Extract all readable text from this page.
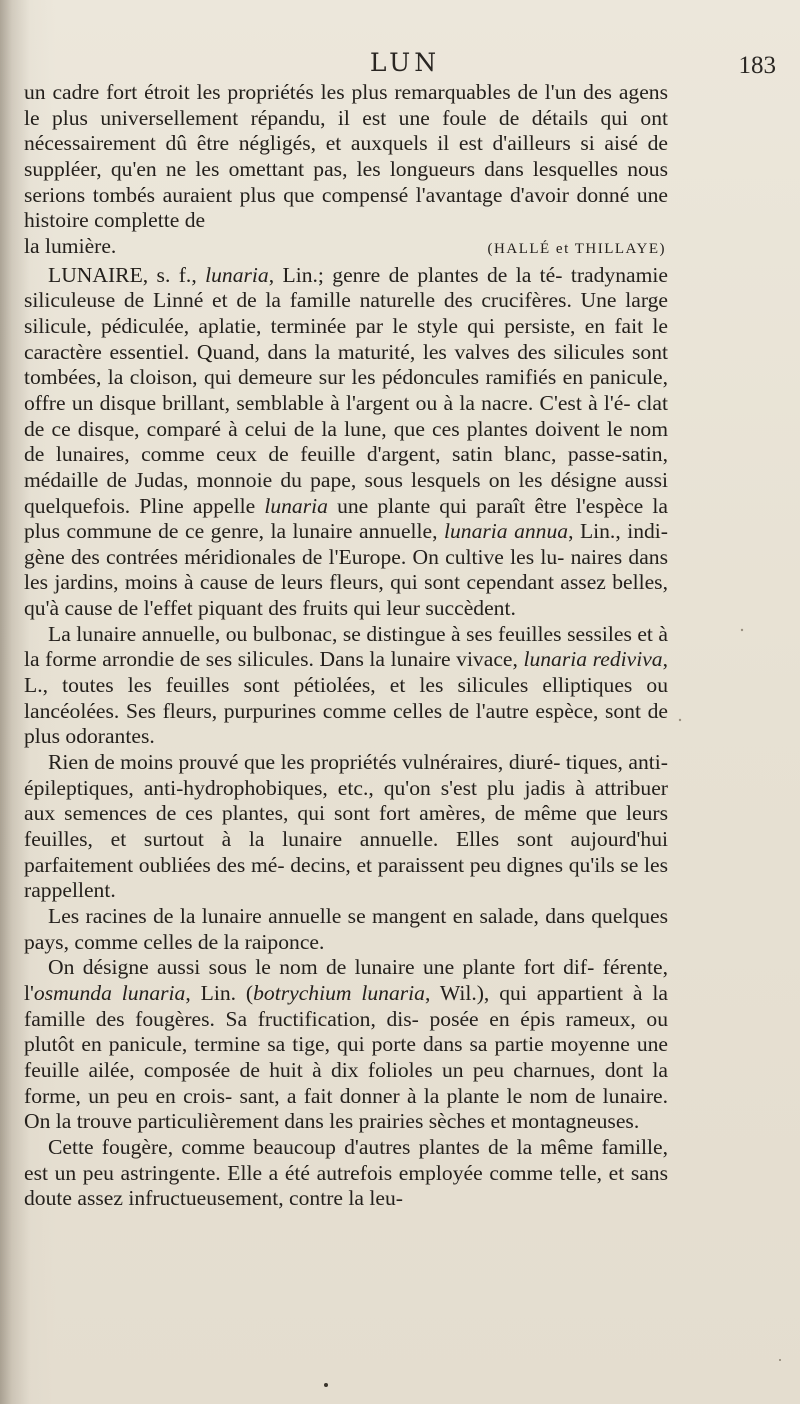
LUN	183

un cadre fort étroit les propriétés les plus remarquables de l'un des agens le plus universellement répandu, il est une foule de détails qui ont nécessairement dû être négligés, et auxquels il est d'ailleurs si aisé de suppléer, qu'en ne les omettant pas, les longueurs dans lesquelles nous serions tombés auraient plus que compensé l'avantage d'avoir donné une histoire complette de

la lumière.	(HALLÉ et THILLAYE)

LUNAIRE, s. f., lunaria, Lin.; genre de plantes de la té- tradynamie siliculeuse de Linné et de la famille naturelle des crucifères. Une large silicule, pédiculée, aplatie, terminée par le style qui persiste, en fait le caractère essentiel. Quand, dans la maturité, les valves des silicules sont tombées, la cloison, qui demeure sur les pédoncules ramifiés en panicule, offre un disque brillant, semblable à l'argent ou à la nacre. C'est à l'é- clat de ce disque, comparé à celui de la lune, que ces plantes doivent le nom de lunaires, comme ceux de feuille d'argent, satin blanc, passe-satin, médaille de Judas, monnoie du pape, sous lesquels on les désigne aussi quelquefois. Pline appelle lunaria une plante qui paraît être l'espèce la plus commune de ce genre, la lunaire annuelle, lunaria annua, Lin., indi- gène des contrées méridionales de l'Europe. On cultive les lu- naires dans les jardins, moins à cause de leurs fleurs, qui sont cependant assez belles, qu'à cause de l'effet piquant des fruits qui leur succèdent.

La lunaire annuelle, ou bulbonac, se distingue à ses feuilles sessiles et à la forme arrondie de ses silicules. Dans la lunaire vivace, lunaria rediviva, L., toutes les feuilles sont pétiolées, et les silicules elliptiques ou lancéolées. Ses fleurs, purpurines comme celles de l'autre espèce, sont de plus odorantes.

Rien de moins prouvé que les propriétés vulnéraires, diuré- tiques, anti-épileptiques, anti-hydrophobiques, etc., qu'on s'est plu jadis à attribuer aux semences de ces plantes, qui sont fort amères, de même que leurs feuilles, et surtout à la lunaire annuelle. Elles sont aujourd'hui parfaitement oubliées des mé- decins, et paraissent peu dignes qu'ils se les rappellent.

Les racines de la lunaire annuelle se mangent en salade, dans quelques pays, comme celles de la raiponce.

On désigne aussi sous le nom de lunaire une plante fort dif- férente, l'osmunda lunaria, Lin. (botrychium lunaria, Wil.), qui appartient à la famille des fougères. Sa fructification, dis- posée en épis rameux, ou plutôt en panicule, termine sa tige, qui porte dans sa partie moyenne une feuille ailée, composée de huit à dix folioles un peu charnues, dont la forme, un peu en crois- sant, a fait donner à la plante le nom de lunaire. On la trouve particulièrement dans les prairies sèches et montagneuses.

Cette fougère, comme beaucoup d'autres plantes de la même famille, est un peu astringente. Elle a été autrefois employée comme telle, et sans doute assez infructueusement, contre la leu-
